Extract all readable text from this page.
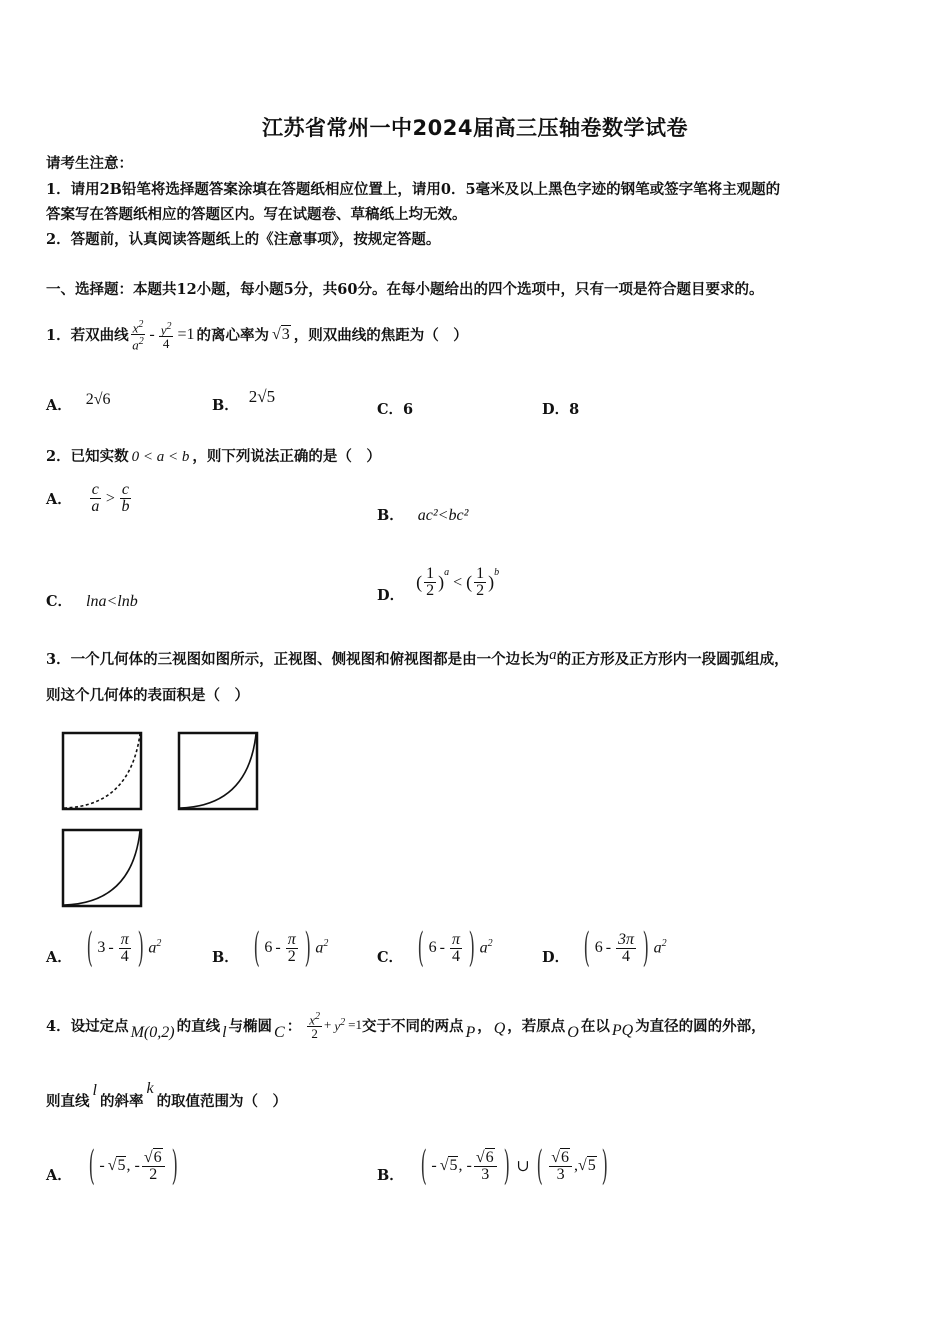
江苏省常州一中2024届高三压轴卷数学试卷
请考生注意：
1．请用2B铅笔将选择题答案涂填在答题纸相应位置上，请用0．5毫米及以上黑色字迹的钢笔或签字笔将主观题的
答案写在答题纸相应的答题区内。写在试题卷、草稿纸上均无效。
2．答题前，认真阅读答题纸上的《注意事项》，按规定答题。
一、选择题：本题共12小题，每小题5分，共60分。在每小题给出的四个选项中，只有一项是符合题目要求的。
1．若双曲线 $\frac{x^2}{a^2} - \frac{y^2}{4} =1$ 的离心率为 √3 ，则双曲线的焦距为（　）
A． 2√6	B． 2√5
C．6	D．8
2．已知实数 0 < a < b ，则下列说法正确的是（　）
A． $\frac{c}{a} > \frac{c}{b}$
B． ac²<bc²
C． lna<lnb	D．
( $\frac{1}{2} )^a$
< ( $\frac{1}{2} )^b$
3．一个几何体的三视图如图所示，正视图、侧视图和俯视图都是由一个边长为a的正方形及正方形内一段圆弧组成，
则这个几何体的表面积是（　）
A． ( $3 - \frac{\pi}{4}$ ) $a^2$
B． ( $6 - \frac{\pi}{2}$ ) $a^2$
C． ( $6 - \frac{\pi}{4}$ ) $a^2$
D． ( $6 - \frac{3\pi}{4}$ ) $a^2$
4．设过定点 M(0,2) 的直线 l 与椭圆 C ： $\frac{x^2}{2} + y^2 =1$ 交于不同的两点 P ， Q ，若原点 O 在以 PQ 为直径的圆的外部，
则直线
l
的斜率
k
的取值范围为（　）
A． ( - √5 , - $\frac{√6}{2}$ )	B． ( - √5 , - $\frac{√6}{3}$ ) ∪ ( $\frac{√6}{3}$ , √5 )
